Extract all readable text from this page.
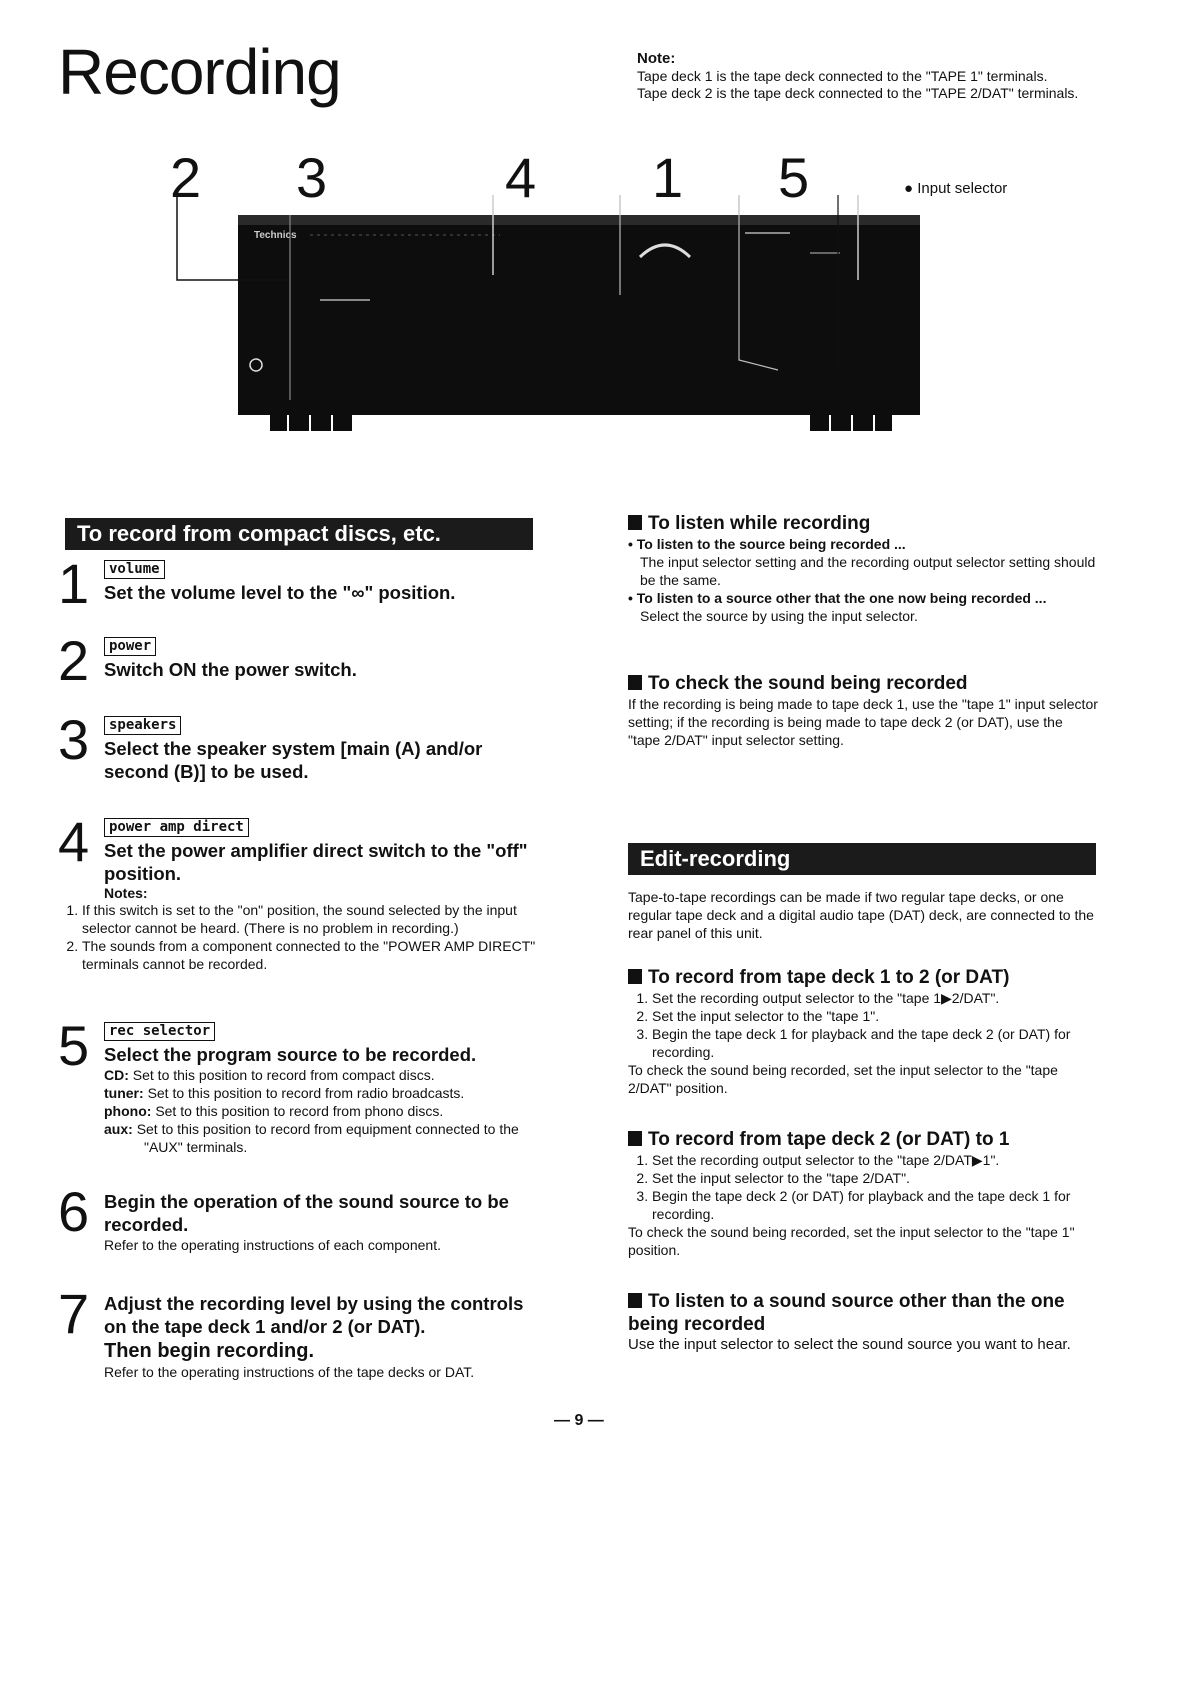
Recording	Note:
Tape deck 1 is the tape deck connected to the "TAPE 1" terminals.
Tape deck 2 is the tape deck connected to the "TAPE 2/DAT" terminals.
2 3	4 1 5	● Input selector
Technics
To record from compact discs, etc.
1	volume
Set the volume level to the "∞" position.
2	power
Switch ON the power switch.
3	speakers
Select the speaker system [main (A) and/or second (B)] to be used.
4	power amp direct
Set the power amplifier direct switch to the "off" position.
Notes:
1. If this switch is set to the "on" position, the sound selected by the input selector cannot be heard. (There is no problem in recording.)
2. The sounds from a component connected to the "POWER AMP DIRECT" terminals cannot be recorded.
5	rec selector
Select the program source to be recorded.
CD: Set to this position to record from compact discs.
tuner: Set to this position to record from radio broadcasts.
phono: Set to this position to record from phono discs.
aux: Set to this position to record from equipment connected to the "AUX" terminals.
6 Begin the operation of the sound source to be recorded.
Refer to the operating instructions of each component.
7 Adjust the recording level by using the controls on the tape deck 1 and/or 2 (or DAT).
Then begin recording.
Refer to the operating instructions of the tape decks or DAT.
To listen while recording
• To listen to the source being recorded ...
The input selector setting and the recording output selector setting should be the same.
• To listen to a source other that the one now being recorded ...
Select the source by using the input selector.
To check the sound being recorded
If the recording is being made to tape deck 1, use the "tape 1" input selector setting; if the recording is being made to tape deck 2 (or DAT), use the "tape 2/DAT" input selector setting.
Edit-recording
Tape-to-tape recordings can be made if two regular tape decks, or one regular tape deck and a digital audio tape (DAT) deck, are connected to the rear panel of this unit.
To record from tape deck 1 to 2 (or DAT)
1. Set the recording output selector to the "tape 1▶2/DAT".
2. Set the input selector to the "tape 1".
3. Begin the tape deck 1 for playback and the tape deck 2 (or DAT) for recording.
To check the sound being recorded, set the input selector to the "tape 2/DAT" position.
To record from tape deck 2 (or DAT) to 1
1. Set the recording output selector to the "tape 2/DAT▶1".
2. Set the input selector to the "tape 2/DAT".
3. Begin the tape deck 2 (or DAT) for playback and the tape deck 1 for recording.
To check the sound being recorded, set the input selector to the "tape 1" position.
To listen to a sound source other than the one being recorded
Use the input selector to select the sound source you want to hear.
— 9 —
